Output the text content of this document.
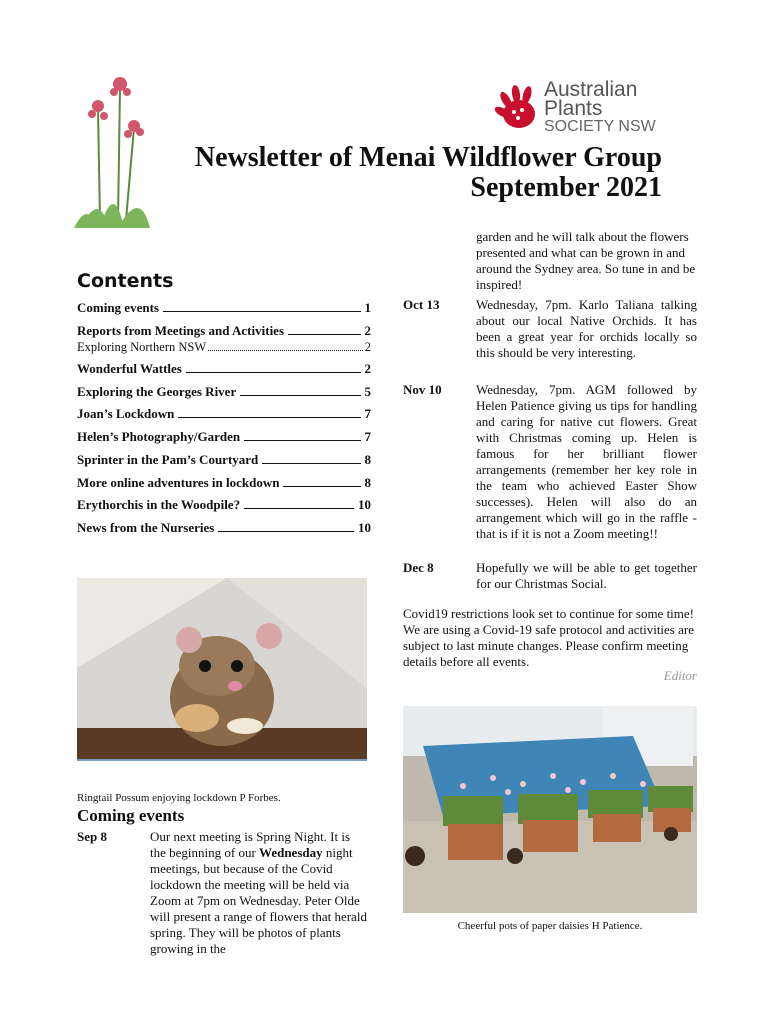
Australian
Plants
SOCIETY NSW
Newsletter of Menai Wildflower Group
September 2021
Contents
Coming events	1
Reports from Meetings and Activities	2
Exploring Northern NSW	2
Wonderful Wattles	2
Exploring the Georges River	5
Joan’s Lockdown	7
Helen’s Photography/Garden	7
Sprinter in the Pam’s Courtyard	8
More online adventures in lockdown	8
Erythorchis in the Woodpile?	10
News from the Nurseries	10
garden and he will talk about the flowers presented and what can be grown in and around the Sydney area. So tune in and be inspired!
Oct 13	Wednesday, 7pm. Karlo Taliana talking about our local Native Orchids. It has been a great year for orchids locally so this should be very interesting.
Nov 10	Wednesday, 7pm. AGM followed by Helen Patience giving us tips for handling and caring for native cut flowers. Great with Christmas coming up. Helen is famous for her brilliant flower arrangements (remember her key role in the team who achieved Easter Show successes). Helen will also do an arrangement which will go in the raffle - that is if it is not a Zoom meeting!!
Dec 8	Hopefully we will be able to get together for our Christmas Social.
Covid19 restrictions look set to continue for some time! We are using a Covid-19 safe protocol and activities are subject to last minute changes. Please confirm meeting details before all events.
Editor
Ringtail Possum enjoying lockdown P Forbes.
Coming events
Sep 8	Our next meeting is Spring Night. It is the beginning of our Wednesday night meetings, but because of the Covid lockdown the meeting will be held via Zoom at 7pm on Wednesday. Peter Olde will present a range of flowers that herald spring. They will be photos of plants growing in the
Cheerful pots of paper daisies H Patience.
